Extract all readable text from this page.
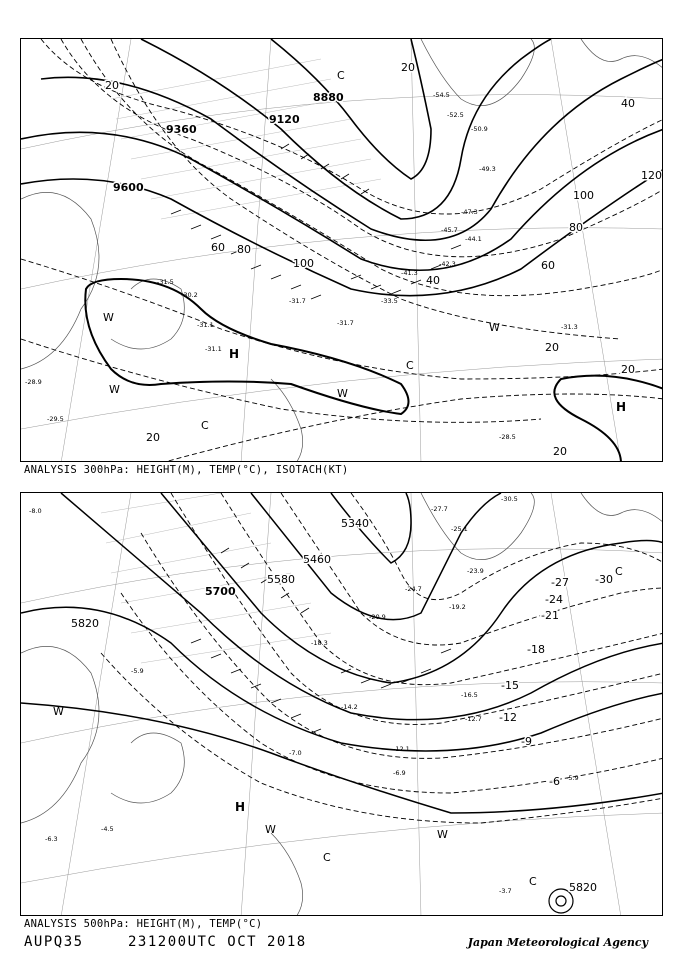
9600
9360
9120
8880
20
60 80
100
120
100
80
60
40
20
40
20
20
20
20
H
H
W
W	W
W
C
C
C
-31.5
-30.2
-31.1
-31.7	-33.5
-41.3
-42.3
-44.1
-45.7
-47.3
-49.3
-50.9
-52.5
-54.5
-31.1
-29.5
-28.5
-31.3
-28.9
-31.7
ANALYSIS 300hPa: HEIGHT(M), TEMP(°C), ISOTACH(KT)
5820
5700
5580
5460
5340
5820
-30
-27
-24
-21
-18
-15
-12
-9
-6
H
W
W	W
C
C
C
-8.0
-5.9
-6.3
-4.5
-7.0	-12.1
-16.5
-19.2
-23.9
-25.1
-27.7
-30.5
-5.9
-3.7
-6.9
-12.7
-14.2
-18.3
-20.9
-24.7
ANALYSIS 500hPa: HEIGHT(M), TEMP(°C)
AUPQ35	231200UTC OCT 2018	Japan Meteorological Agency
